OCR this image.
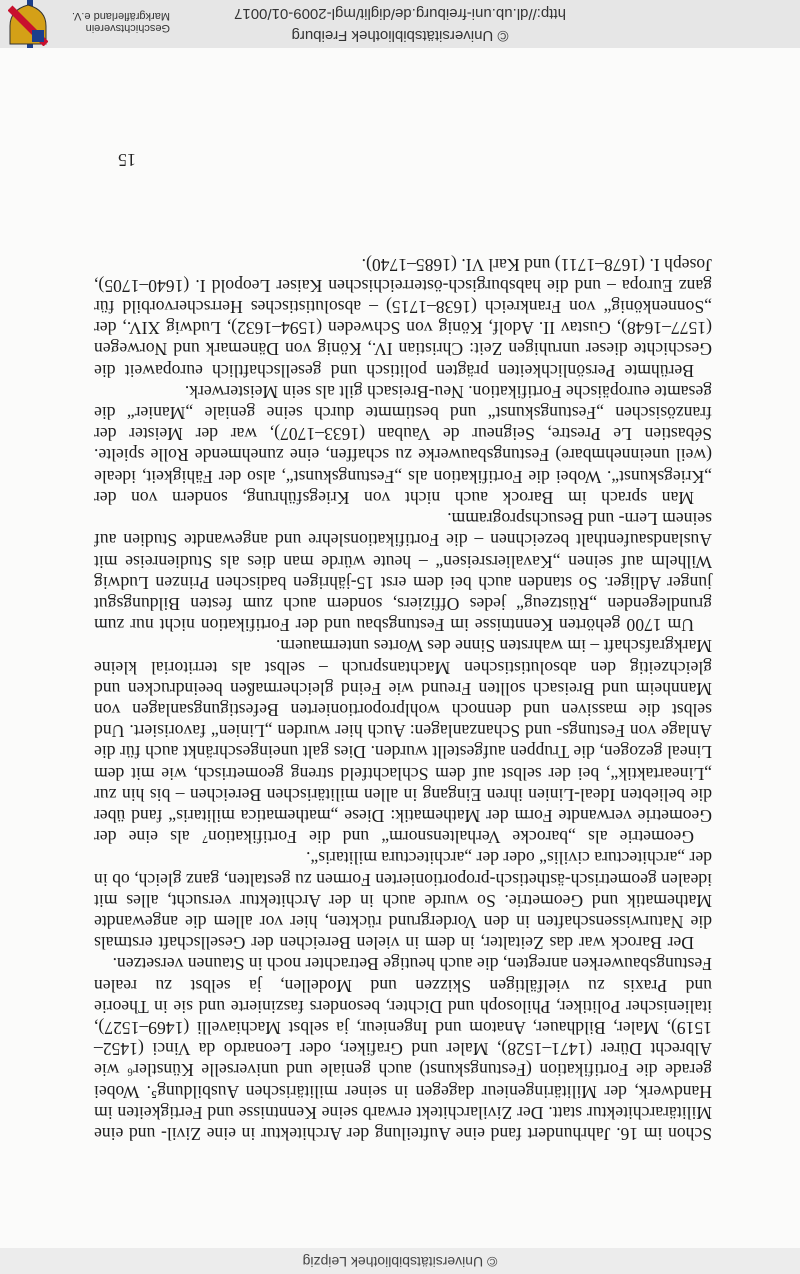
© Universitätsbibliothek Leipzig

Schon im 16. Jahrhundert fand eine Aufteilung der Architektur in eine Zivil- und eine Militärarchitektur statt. Der Zivilarchitekt erwarb seine Kenntnisse und Fertigkeiten im Handwerk, der Militäringenieur dagegen in seiner militärischen Ausbildung⁵. Wobei gerade die Fortifikation (Festungskunst) auch geniale und universelle Künstler⁶ wie Albrecht Dürer (1471–1528), Maler und Grafiker, oder Leonardo da Vinci (1452–1519), Maler, Bildhauer, Anatom und Ingenieur, ja selbst Machiavelli (1469–1527), italienischer Politiker, Philosoph und Dichter, besonders faszinierte und sie in Theorie und Praxis zu vielfältigen Skizzen und Modellen, ja selbst zu realen Festungsbauwerken anregten, die auch heutige Betrachter noch in Staunen versetzen.

Der Barock war das Zeitalter, in dem in vielen Bereichen der Gesellschaft erstmals die Naturwissenschaften in den Vordergrund rückten, hier vor allem die angewandte Mathematik und Geometrie. So wurde auch in der Architektur versucht, alles mit idealen geometrisch-ästhetisch-proportionierten Formen zu gestalten, ganz gleich, ob in der „architectura civilis“ oder der „architectura militaris“.

Geometrie als „barocke Verhaltensnorm“ und die Fortifikation⁷ als eine der Geometrie verwandte Form der Mathematik: Diese „mathematica militaris“ fand über die beliebten Ideal-Linien ihren Eingang in allen militärischen Bereichen – bis hin zur „Lineartaktik“, bei der selbst auf dem Schlachtfeld streng geometrisch, wie mit dem Lineal gezogen, die Truppen aufgestellt wurden. Dies galt uneingeschränkt auch für die Anlage von Festungs- und Schanzanlagen: Auch hier wurden „Linien“ favorisiert. Und selbst die massiven und dennoch wohlproportionierten Befestigungsanlagen von Mannheim und Breisach sollten Freund wie Feind gleichermaßen beeindrucken und gleichzeitig den absolutistischen Machtanspruch – selbst als territorial kleine Markgrafschaft – im wahrsten Sinne des Wortes untermauern.

Um 1700 gehörten Kenntnisse im Festungsbau und der Fortifikation nicht nur zum grundlegenden „Rüstzeug“ jedes Offiziers, sondern auch zum festen Bildungsgut junger Adliger. So standen auch bei dem erst 15-jährigen badischen Prinzen Ludwig Wilhelm auf seinen „Kavaliersreisen“ – heute würde man dies als Studienreise mit Auslandsaufenthalt bezeichnen – die Fortifikationslehre und angewandte Studien auf seinem Lern- und Besuchsprogramm.

Man sprach im Barock auch nicht von Kriegsführung, sondern von der „Kriegskunst“. Wobei die Fortifikation als „Festungskunst“, also der Fähigkeit, ideale (weil uneinnehmbare) Festungsbauwerke zu schaffen, eine zunehmende Rolle spielte. Sébastien Le Prestre, Seigneur de Vauban (1633–1707), war der Meister der französischen „Festungskunst“ und bestimmte durch seine geniale „Manier“ die gesamte europäische Fortifikation. Neu-Breisach gilt als sein Meisterwerk.

Berühmte Persönlichkeiten prägten politisch und gesellschaftlich europaweit die Geschichte dieser unruhigen Zeit: Christian IV., König von Dänemark und Norwegen (1577–1648), Gustav II. Adolf, König von Schweden (1594–1632), Ludwig XIV., der „Sonnenkönig“ von Frankreich (1638–1715) – absolutistisches Herrschervorbild für ganz Europa – und die habsburgisch-österreichischen Kaiser Leopold I. (1640–1705), Joseph I. (1678–1711) und Karl VI. (1685–1740).

15
http://dl.ub.uni-freiburg.de/diglit/mgl-2009-01/0017
© Universitätsbibliothek Freiburg
Geschichtsverein Markgräflerland e.V.
